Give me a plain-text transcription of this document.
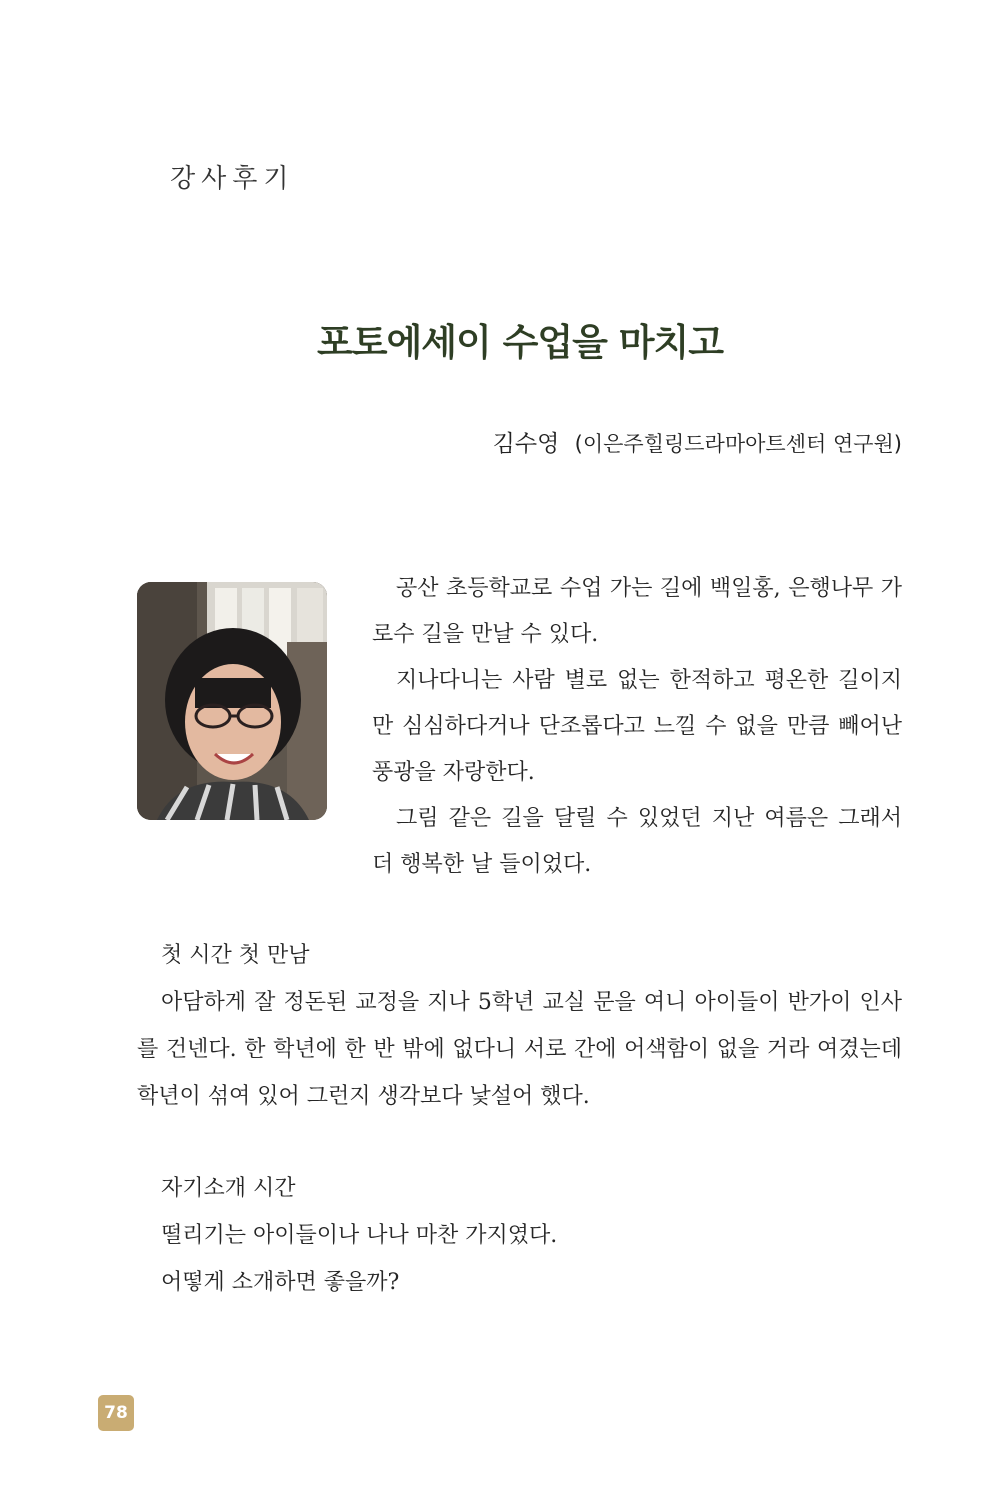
강사후기
포토에세이 수업을 마치고
김수영 (이은주힐링드라마아트센터 연구원)

공산 초등학교로 수업 가는 길에 백일홍, 은행나무 가로수 길을 만날 수 있다.

지나다니는 사람 별로 없는 한적하고 평온한 길이지만 심심하다거나 단조롭다고 느낄 수 없을 만큼 빼어난 풍광을 자랑한다.

그림 같은 길을 달릴 수 있었던 지난 여름은 그래서 더 행복한 날 들이었다.

첫 시간 첫 만남

아담하게 잘 정돈된 교정을 지나 5학년 교실 문을 여니 아이들이 반가이 인사를 건넨다. 한 학년에 한 반 밖에 없다니 서로 간에 어색함이 없을 거라 여겼는데 학년이 섞여 있어 그런지 생각보다 낯설어 했다.

자기소개 시간

떨리기는 아이들이나 나나 마찬 가지였다.

어떻게 소개하면 좋을까?

78
